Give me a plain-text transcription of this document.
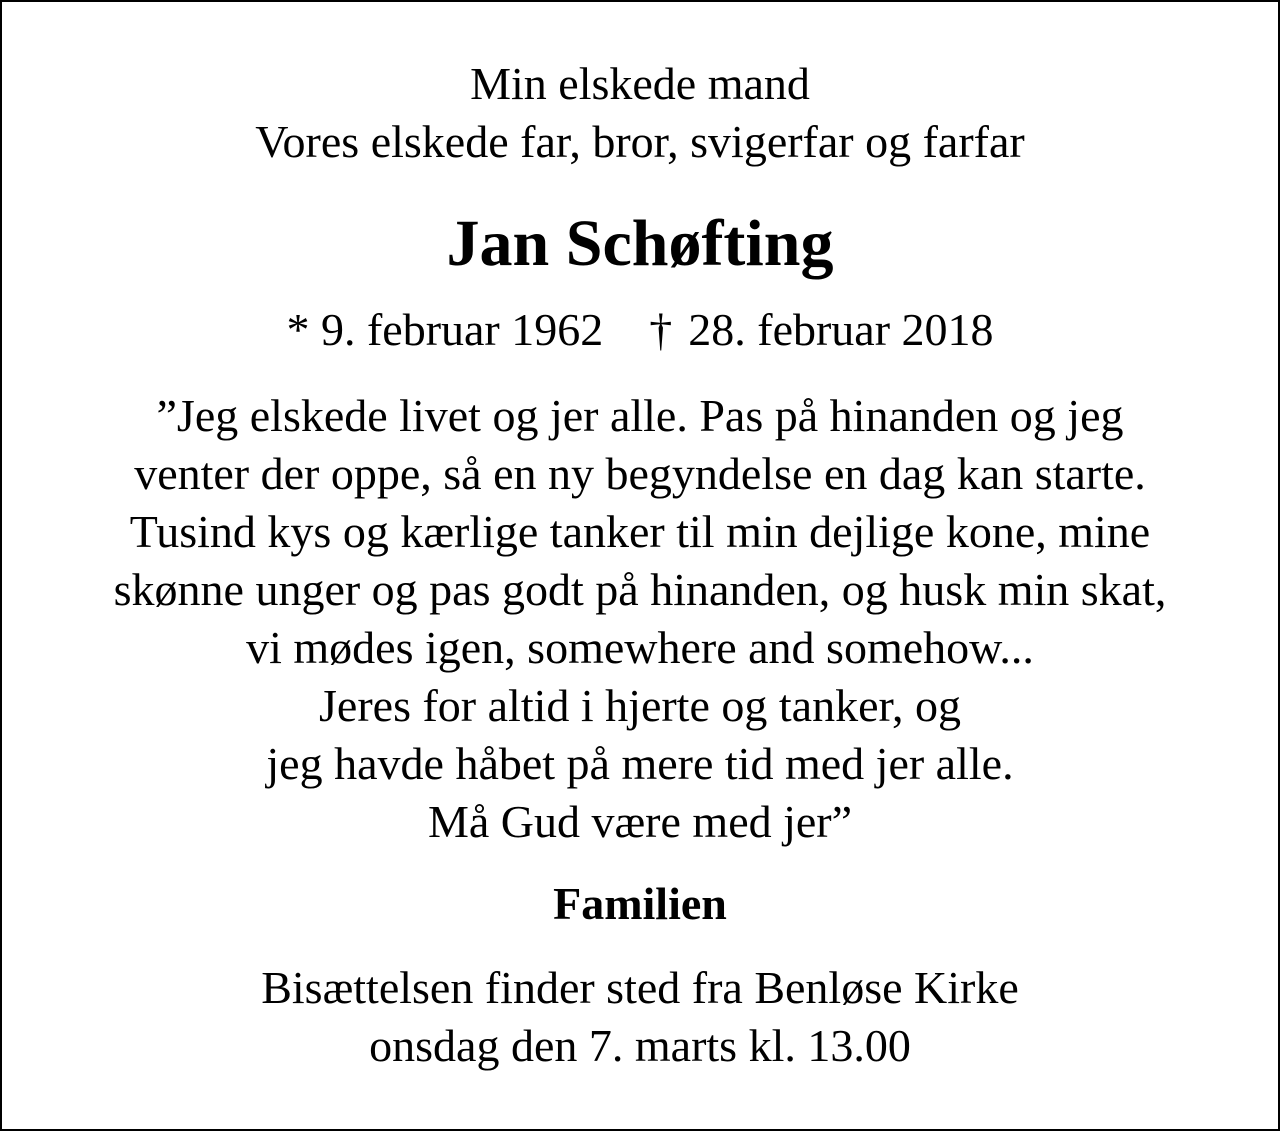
Min elskede mand
Vores elskede far, bror, svigerfar og farfar
Jan Schøfting
* 9. februar 1962 † 28. februar 2018
”Jeg elskede livet og jer alle. Pas på hinanden og jeg
venter der oppe, så en ny begyndelse en dag kan starte.
Tusind kys og kærlige tanker til min dejlige kone, mine
skønne unger og pas godt på hinanden, og husk min skat,
vi mødes igen, somewhere and somehow...
Jeres for altid i hjerte og tanker, og
jeg havde håbet på mere tid med jer alle.
Må Gud være med jer”
Familien
Bisættelsen finder sted fra Benløse Kirke
onsdag den 7. marts kl. 13.00
